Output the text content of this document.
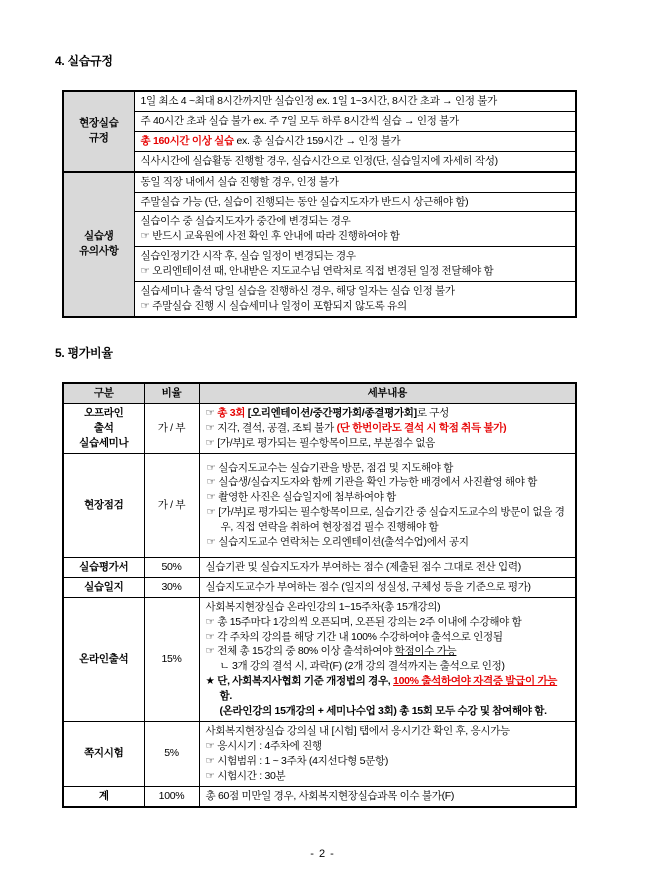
4. 실습규정
현장실습
규정	1일 최소 4 ~최대 8시간까지만 실습인정 ex. 1일 1~3시간, 8시간 초과 → 인정 불가

	주 40시간 초과 실습 불가 ex. 주 7일 모두 하루 8시간씩 실습 → 인정 불가

	총 160시간 이상 실습 ex. 총 실습시간 159시간 → 인정 불가

	식사시간에 실습활동 진행할 경우, 실습시간으로 인정(단, 실습일지에 자세히 작성)

실습생
유의사항	동일 직장 내에서 실습 진행할 경우, 인정 불가

	주말실습 가능 (단, 실습이 진행되는 동안 실습지도자가 반드시 상근해야 함)

	실습이수 중 실습지도자가 중간에 변경되는 경우
☞ 반드시 교육원에 사전 확인 후 안내에 따라 진행하여야 함

	실습인정기간 시작 후, 실습 일정이 변경되는 경우
☞ 오리엔테이션 때, 안내받은 지도교수님 연락처로 직접 변경된 일정 전달해야 함

	실습세미나 출석 당일 실습을 진행하신 경우, 해당 일자는 실습 인정 불가
☞ 주말실습 진행 시 실습세미나 일정이 포함되지 않도록 유의
5. 평가비율
구분	비율	세부내용

오프라인
출석
실습세미나
	가 / 부	
☞ 총 3회 [오리엔테이션/중간평가회/종결평가회]로 구성
☞ 지각, 결석, 공결, 조퇴 불가 (단 한번이라도 결석 시 학점 취득 불가)
☞ [가/부]로 평가되는 필수항목이므로, 부분점수 없음

현장점검	가 / 부	☞ 실습지도교수는 실습기관을 방문, 점검 및 지도해야 함
☞ 실습생/실습지도자와 함께 기관을 확인 가능한 배경에서 사진촬영 해야 함
☞ 촬영한 사진은 실습일지에 첨부하여야 함
☞ [가/부]로 평가되는 필수항목이므로, 실습기간 중 실습지도교수의 방문이 없을 경우, 직접 연락을 취하여 현장점검 필수 진행해야 함
☞ 실습지도교수 연락처는 오리엔테이션(출석수업)에서 공지

실습평가서	50%	실습기관 및 실습지도자가 부여하는 점수 (제출된 점수 그대로 전산 입력)

실습일지	30%	실습지도교수가 부여하는 점수 (일지의 성실성, 구체성 등을 기준으로 평가)

온라인출석	15%	
사회복지현장실습 온라인강의 1~15주차(총 15개강의)
☞ 총 15주마다 1강의씩 오픈되며, 오픈된 강의는 2주 이내에 수강해야 함
☞ 각 주차의 강의를 해당 기간 내 100% 수강하여야 출석으로 인정됨
☞ 전체 총 15강의 중 80% 이상 출석하여야 학점이수 가능
ㄴ 3개 강의 결석 시, 과락(F) (2개 강의 결석까지는 출석으로 인정)
★ 단, 사회복지사협회 기준 개정법의 경우, 100% 출석하여야 자격증 발급이 가능함.
(온라인강의 15개강의 + 세미나수업 3회) 총 15회 모두 수강 및 참여해야 함.

쪽지시험	5%	사회복지현장실습 강의실 내 [시험] 탭에서 응시기간 확인 후, 응시가능
☞ 응시시기 : 4주차에 진행
☞ 시험범위 : 1 ~ 3주차 (4지선다형 5문항)
☞ 시험시간 : 30분

계	100%	총 60점 미만일 경우, 사회복지현장실습과목 이수 불가(F)
- 2 -
